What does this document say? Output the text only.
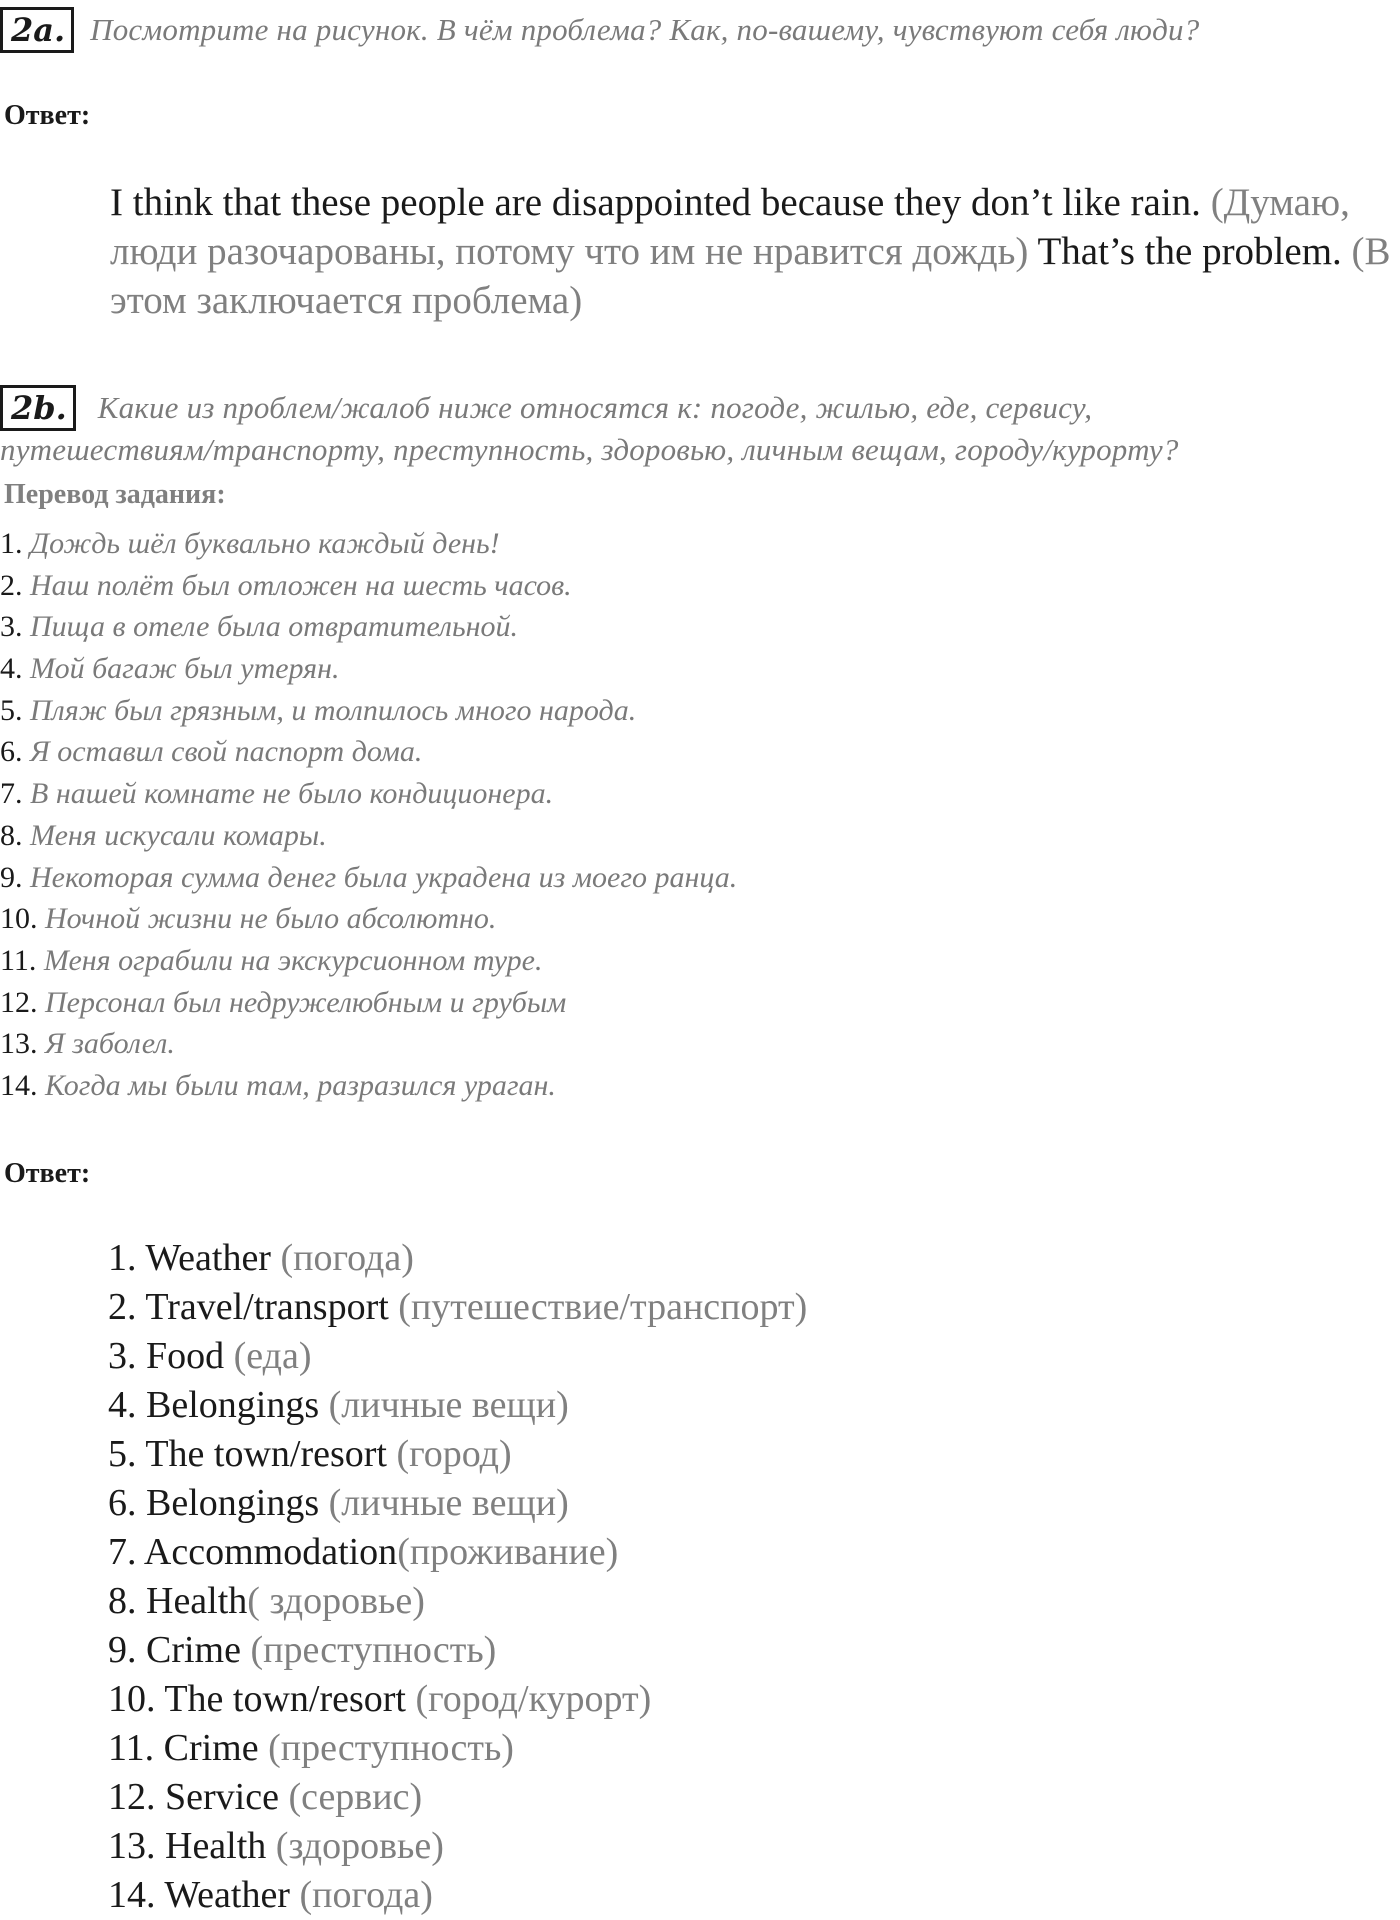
2a. Посмотрите на рисунок. В чём проблема? Как, по-вашему, чувствуют себя люди?
Ответ:
I think that these people are disappointed because they don’t like rain. (Думаю, люди разочарованы, потому что им не нравится дождь) That’s the problem. (В этом заключается проблема)
2b. Какие из проблем/жалоб ниже относятся к: погоде, жилью, еде, сервису,
путешествиям/транспорту, преступность, здоровью, личным вещам, городу/курорту?
Перевод задания:
1. Дождь шёл буквально каждый день!
2. Наш полёт был отложен на шесть часов.
3. Пища в отеле была отвратительной.
4. Мой багаж был утерян.
5. Пляж был грязным, и толпилось много народа.
6. Я оставил свой паспорт дома.
7. В нашей комнате не было кондиционера.
8. Меня искусали комары.
9. Некоторая сумма денег была украдена из моего ранца.
10. Ночной жизни не было абсолютно.
11. Меня ограбили на экскурсионном туре.
12. Персонал был недружелюбным и грубым
13. Я заболел.
14. Когда мы были там, разразился ураган.
Ответ:
1. Weather (погода)
2. Travel/transport (путешествие/транспорт)
3. Food (еда)
4. Belongings (личные вещи)
5. The town/resort (город)
6. Belongings (личные вещи)
7. Accommodation(проживание)
8. Health( здоровье)
9. Crime (преступность)
10. The town/resort (город/курорт)
11. Crime (преступность)
12. Service (сервис)
13. Health (здоровье)
14. Weather (погода)
